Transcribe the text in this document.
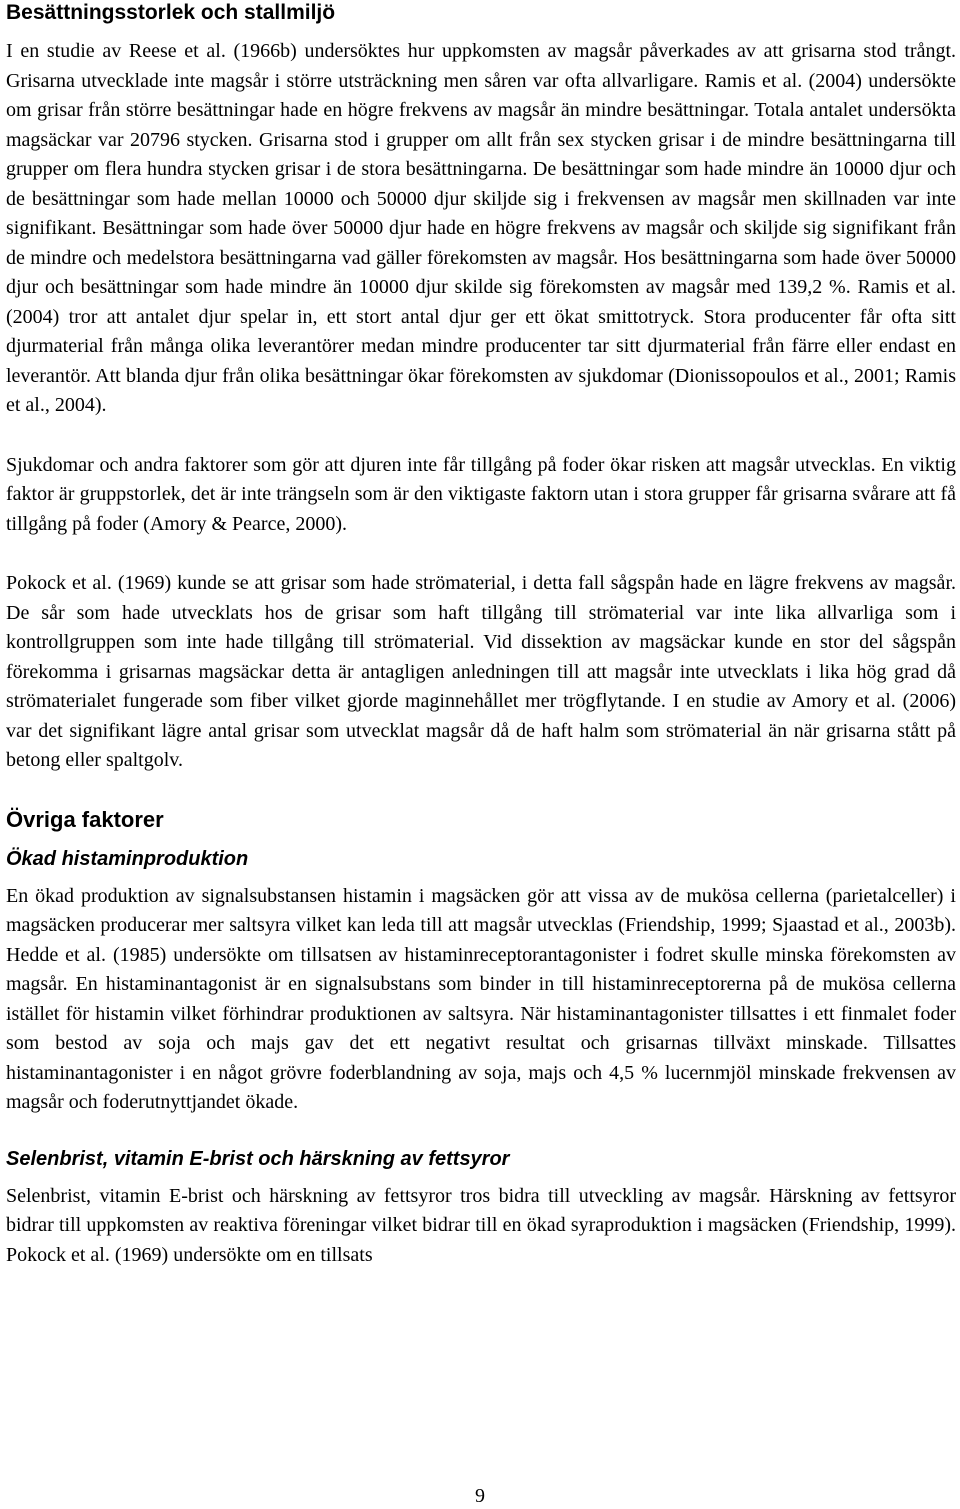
Besättningsstorlek och stallmiljö

I en studie av Reese et al. (1966b) undersöktes hur uppkomsten av magsår påverkades av att grisarna stod trångt. Grisarna utvecklade inte magsår i större utsträckning men såren var ofta allvarligare. Ramis et al. (2004) undersökte om grisar från större besättningar hade en högre frekvens av magsår än mindre besättningar. Totala antalet undersökta magsäckar var 20796 stycken. Grisarna stod i grupper om allt från sex stycken grisar i de mindre besättningarna till grupper om flera hundra stycken grisar i de stora besättningarna. De besättningar som hade mindre än 10000 djur och de besättningar som hade mellan 10000 och 50000 djur skiljde sig i frekvensen av magsår men skillnaden var inte signifikant. Besättningar som hade över 50000 djur hade en högre frekvens av magsår och skiljde sig signifikant från de mindre och medelstora besättningarna vad gäller förekomsten av magsår. Hos besättningarna som hade över 50000 djur och besättningar som hade mindre än 10000 djur skilde sig förekomsten av magsår med 139,2 %. Ramis et al. (2004) tror att antalet djur spelar in, ett stort antal djur ger ett ökat smittotryck. Stora producenter får ofta sitt djurmaterial från många olika leverantörer medan mindre producenter tar sitt djurmaterial från färre eller endast en leverantör. Att blanda djur från olika besättningar ökar förekomsten av sjukdomar (Dionissopoulos et al., 2001; Ramis et al., 2004).

Sjukdomar och andra faktorer som gör att djuren inte får tillgång på foder ökar risken att magsår utvecklas. En viktig faktor är gruppstorlek, det är inte trängseln som är den viktigaste faktorn utan i stora grupper får grisarna svårare att få tillgång på foder (Amory & Pearce, 2000).

Pokock et al. (1969) kunde se att grisar som hade strömaterial, i detta fall sågspån hade en lägre frekvens av magsår. De sår som hade utvecklats hos de grisar som haft tillgång till strömaterial var inte lika allvarliga som i kontrollgruppen som inte hade tillgång till strömaterial. Vid dissektion av magsäckar kunde en stor del sågspån förekomma i grisarnas magsäckar detta är antagligen anledningen till att magsår inte utvecklats i lika hög grad då strömaterialet fungerade som fiber vilket gjorde maginnehållet mer trögflytande. I en studie av Amory et al. (2006) var det signifikant lägre antal grisar som utvecklat magsår då de haft halm som strömaterial än när grisarna stått på betong eller spaltgolv.

Övriga faktorer
Ökad histaminproduktion

En ökad produktion av signalsubstansen histamin i magsäcken gör att vissa av de mukösa cellerna (parietalceller) i magsäcken producerar mer saltsyra vilket kan leda till att magsår utvecklas (Friendship, 1999; Sjaastad et al., 2003b). Hedde et al. (1985) undersökte om tillsatsen av histaminreceptorantagonister i fodret skulle minska förekomsten av magsår. En histaminantagonist är en signalsubstans som binder in till histaminreceptorerna på de mukösa cellerna istället för histamin vilket förhindrar produktionen av saltsyra. När histaminantagonister tillsattes i ett finmalet foder som bestod av soja och majs gav det ett negativt resultat och grisarnas tillväxt minskade. Tillsattes histaminantagonister i en något grövre foderblandning av soja, majs och 4,5 % lucernmjöl minskade frekvensen av magsår och foderutnyttjandet ökade.

Selenbrist, vitamin E-brist och härskning av fettsyror

Selenbrist, vitamin E-brist och härskning av fettsyror tros bidra till utveckling av magsår. Härskning av fettsyror bidrar till uppkomsten av reaktiva föreningar vilket bidrar till en ökad syraproduktion i magsäcken (Friendship, 1999). Pokock et al. (1969) undersökte om en tillsats

9
